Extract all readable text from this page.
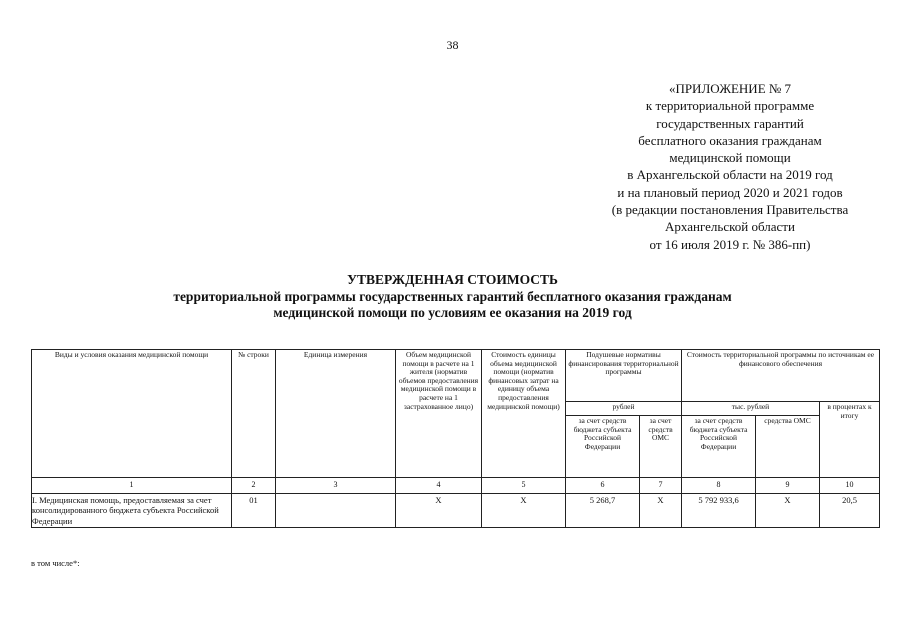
38
«ПРИЛОЖЕНИЕ № 7
к территориальной программе
государственных гарантий
бесплатного оказания гражданам
медицинской помощи
в Архангельской области на 2019 год
и на плановый период 2020 и 2021 годов
(в редакции постановления Правительства
Архангельской области
от 16 июля 2019 г. № 386-пп)
УТВЕРЖДЕННАЯ СТОИМОСТЬ
территориальной программы государственных гарантий бесплатного оказания гражданам
медицинской помощи по условиям ее оказания на 2019 год
Виды и условия оказания медицинской помощи	№ строки	Единица измерения	Объем медицинской помощи в расчете на 1 жителя (норматив объемов предоставления медицинской помощи в расчете на 1 застрахованное лицо)	Стоимость единицы объема медицинской помощи (норматив финансовых затрат на единицу объема предоставления медицинской помощи)	Подушевые нормативы финансирования территориальной программы		Стоимость территориальной программы по источникам ее финансового обеспечения		
					рублей		тыс. рублей		в процентах к итогу
					за счет средств бюджета субъекта Российской Федерации	за счет средств ОМС	за счет средств бюджета субъекта Российской Федерации	средства ОМС	
1	2	3	4	5	6	7	8	9	10
I. Медицинская помощь, предоставляемая за счет консолидированного бюджета субъекта Российской Федерации	01		Х	Х	5 268,7	Х	5 792 933,6	Х	20,5
в том числе*:
